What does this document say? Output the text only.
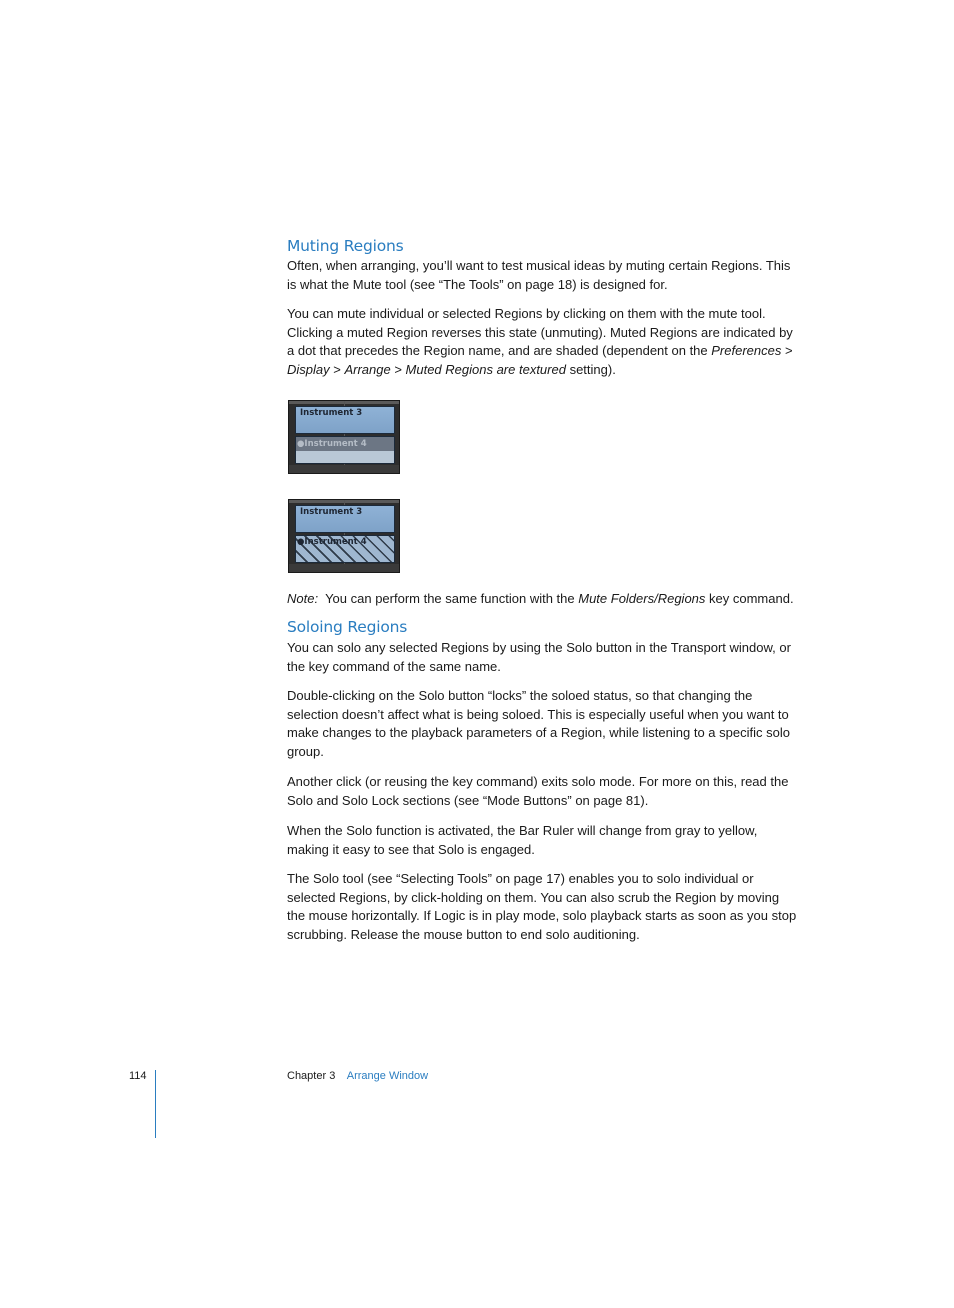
Muting Regions

Often, when arranging, you’ll want to test musical ideas by muting certain Regions. This is what the Mute tool (see “The Tools” on page 18) is designed for.

You can mute individual or selected Regions by clicking on them with the mute tool. Clicking a muted Region reverses this state (unmuting). Muted Regions are indicated by a dot that precedes the Region name, and are shaded (dependent on the Preferences > Display > Arrange > Muted Regions are textured setting).

Instrument 3
●Instrument 4
Instrument 3
●Instrument 4

Note:  You can perform the same function with the Mute Folders/Regions key command.

Soloing Regions

You can solo any selected Regions by using the Solo button in the Transport window, or the key command of the same name.

Double-clicking on the Solo button “locks” the soloed status, so that changing the selection doesn’t affect what is being soloed. This is especially useful when you want to make changes to the playback parameters of a Region, while listening to a specific solo group.

Another click (or reusing the key command) exits solo mode. For more on this, read the Solo and Solo Lock sections (see “Mode Buttons” on page 81).

When the Solo function is activated, the Bar Ruler will change from gray to yellow, making it easy to see that Solo is engaged.

The Solo tool (see “Selecting Tools” on page 17) enables you to solo individual or selected Regions, by click-holding on them. You can also scrub the Region by moving the mouse horizontally. If Logic is in play mode, solo playback starts as soon as you stop scrubbing. Release the mouse button to end solo auditioning.

114	Chapter 3 Arrange Window
